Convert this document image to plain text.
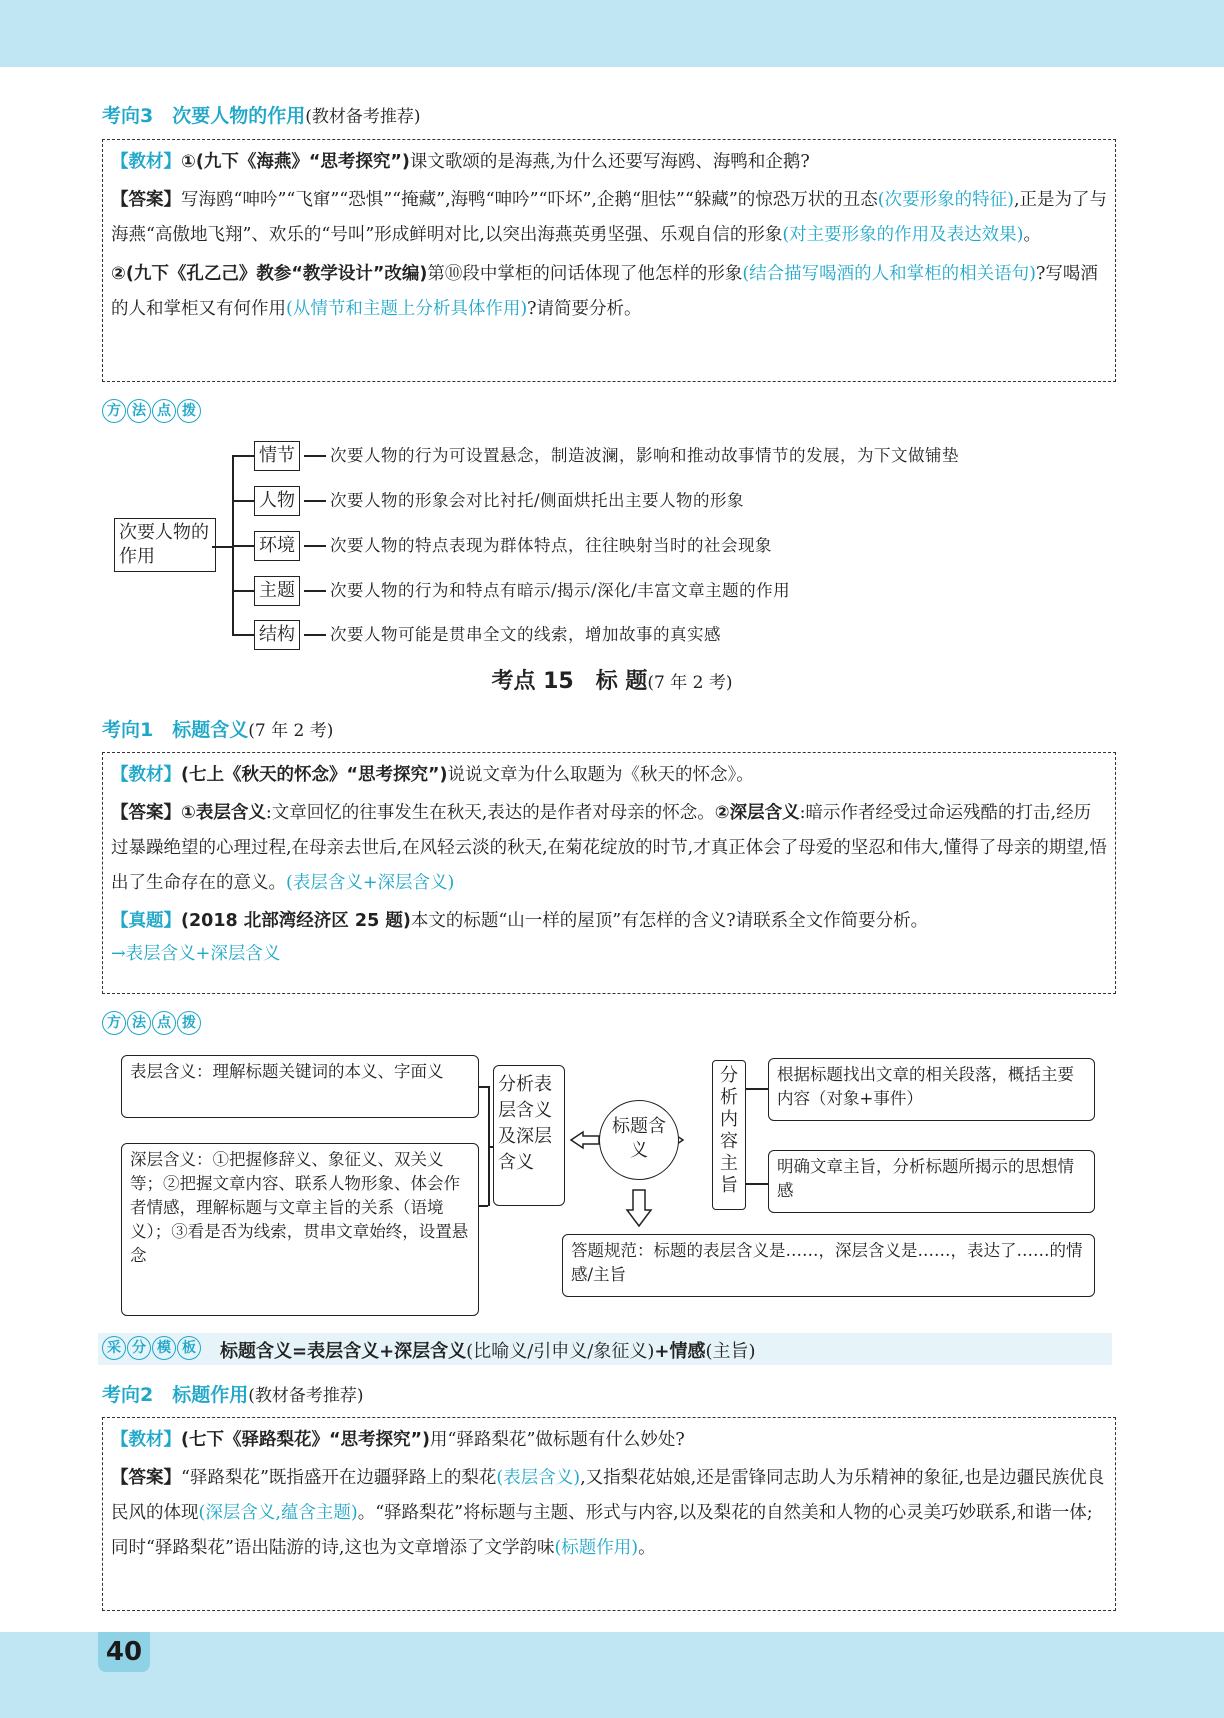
考向3　次要人物的作用(教材备考推荐)

【教材】①(九下《海燕》“思考探究”)课文歌颂的是海燕,为什么还要写海鸥、海鸭和企鹅?

【答案】写海鸥“呻吟”“飞窜”“恐惧”“掩藏”,海鸭“呻吟”“吓坏”,企鹅“胆怯”“躲藏”的惊恐万状的丑态(次要形象的特征),正是为了与海燕“高傲地飞翔”、欢乐的“号叫”形成鲜明对比,以突出海燕英勇坚强、乐观自信的形象(对主要形象的作用及表达效果)。

②(九下《孔乙己》教参“教学设计”改编)第⑩段中掌柜的问话体现了他怎样的形象(结合描写喝酒的人和掌柜的相关语句)?写喝酒的人和掌柜又有何作用(从情节和主题上分析具体作用)?请简要分析。

方 法 点 拨
次要人物的作用
情节	次要人物的行为可设置悬念，制造波澜，影响和推动故事情节的发展，为下文做铺垫
人物	次要人物的形象会对比衬托/侧面烘托出主要人物的形象
环境	次要人物的特点表现为群体特点，往往映射当时的社会现象
主题	次要人物的行为和特点有暗示/揭示/深化/丰富文章主题的作用
结构	次要人物可能是贯串全文的线索，增加故事的真实感
考点 15　标 题(7 年 2 考)
考向1　标题含义(7 年 2 考)

【教材】(七上《秋天的怀念》“思考探究”)说说文章为什么取题为《秋天的怀念》。

【答案】①表层含义:文章回忆的往事发生在秋天,表达的是作者对母亲的怀念。②深层含义:暗示作者经受过命运残酷的打击,经历过暴躁绝望的心理过程,在母亲去世后,在风轻云淡的秋天,在菊花绽放的时节,才真正体会了母爱的坚忍和伟大,懂得了母亲的期望,悟出了生命存在的意义。(表层含义+深层含义)

【真题】(2018 北部湾经济区 25 题)本文的标题“山一样的屋顶”有怎样的含义?请联系全文作简要分析。
→表层含义+深层含义

方 法 点 拨
表层含义：理解标题关键词的本义、字面义
深层含义：①把握修辞义、象征义、双关义等；②把握文章内容、联系人物形象、体会作者情感，理解标题与文章主旨的关系（语境义）；③看是否为线索，贯串文章始终，设置悬念
分析表层含义及深层含义
标题含义
分析内容主旨
根据标题找出文章的相关段落，概括主要内容（对象+事件）
明确文章主旨，分析标题所揭示的思想情感
答题规范：标题的表层含义是……，深层含义是……，表达了……的情感/主旨
采 分 模 板 标题含义=表层含义+深层含义(比喻义/引申义/象征义)+情感(主旨)
考向2　标题作用(教材备考推荐)

【教材】(七下《驿路梨花》“思考探究”)用“驿路梨花”做标题有什么妙处?

【答案】“驿路梨花”既指盛开在边疆驿路上的梨花(表层含义),又指梨花姑娘,还是雷锋同志助人为乐精神的象征,也是边疆民族优良民风的体现(深层含义,蕴含主题)。“驿路梨花”将标题与主题、形式与内容,以及梨花的自然美和人物的心灵美巧妙联系,和谐一体;同时“驿路梨花”语出陆游的诗,这也为文章增添了文学韵味(标题作用)。

40
